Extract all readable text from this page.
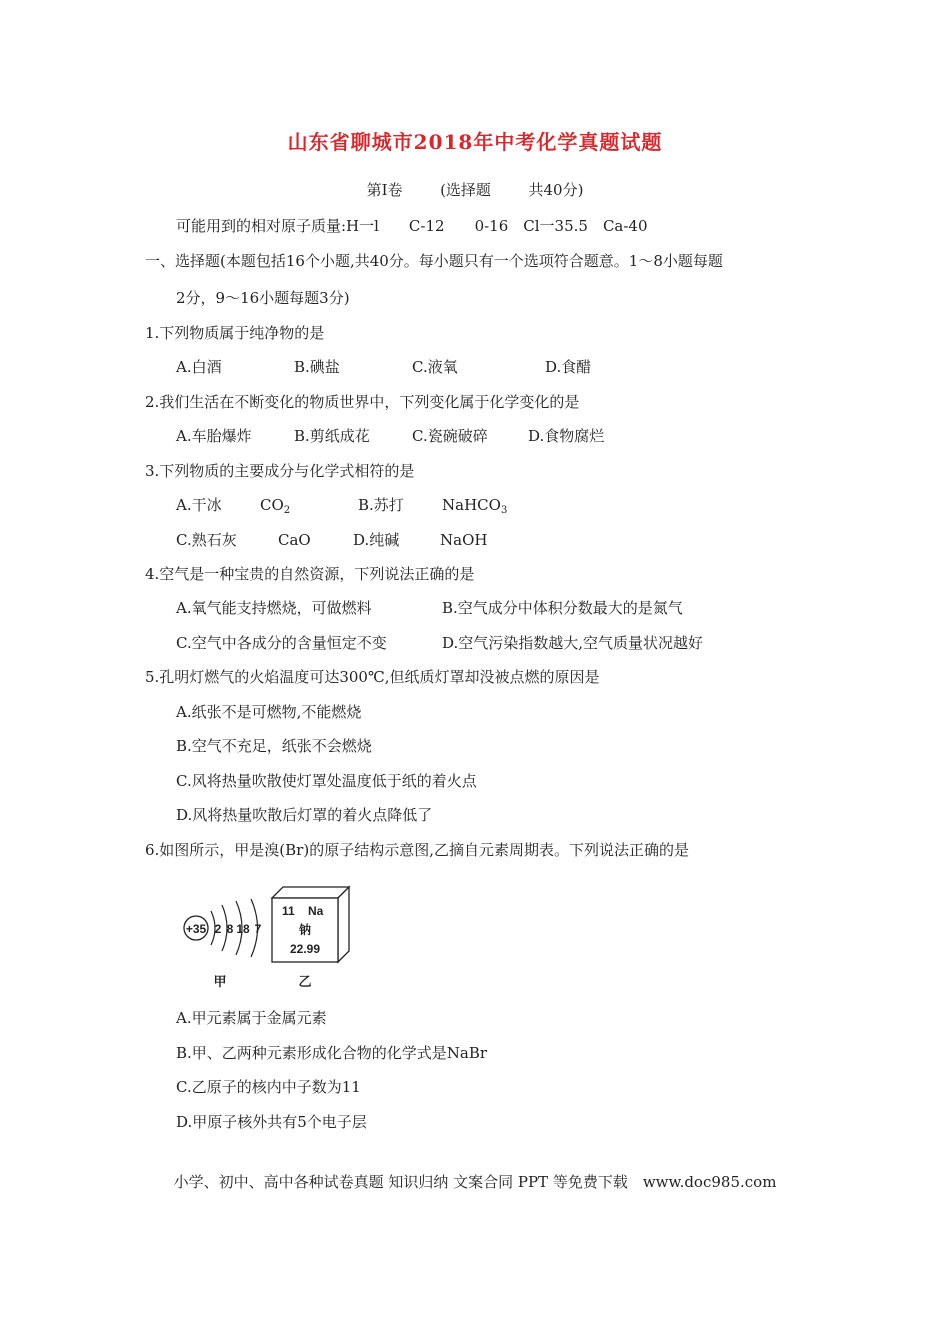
山东省聊城市2018年中考化学真题试题
第Ⅰ卷	(选择题	共40分)
可能用到的相对原子质量:H一l　　C-12　　0-16　Cl一35.5　Ca-40
一、选择题(本题包括16个小题,共40分。每小题只有一个选项符合题意。1～8小题每题
2分，9～16小题每题3分)
1.下列物质属于纯净物的是
A.白酒	B.碘盐	C.液氧	D.食醋
2.我们生活在不断变化的物质世界中，下列变化属于化学变化的是
A.车胎爆炸	B.剪纸成花	C.瓷碗破碎	D.食物腐烂
3.下列物质的主要成分与化学式相符的是
A.干冰	$CO_2$	B.苏打	NaHCO$_3$
C.熟石灰	CaO	D.纯碱	NaOH
4.空气是一种宝贵的自然资源，下列说法正确的是
A.氧气能支持燃烧，可做燃料	B.空气成分中体积分数最大的是氮气
C.空气中各成分的含量恒定不变	D.空气污染指数越大,空气质量状况越好
5.孔明灯燃气的火焰温度可达300℃,但纸质灯罩却没被点燃的原因是
A.纸张不是可燃物,不能燃烧
B.空气不充足，纸张不会燃烧
C.风将热量吹散使灯罩处温度低于纸的着火点
D.风将热量吹散后灯罩的着火点降低了
6.如图所示，甲是溴(Br)的原子结构示意图,乙摘自元素周期表。下列说法正确的是
+35 2 8 18 7
甲
11 Na
钠
22.99
乙
A.甲元素属于金属元素
B.甲、乙两种元素形成化合物的化学式是NaBr
C.乙原子的核内中子数为11
D.甲原子核外共有5个电子层
小学、初中、高中各种试卷真题 知识归纳 文案合同 PPT 等免费下载　www.doc985.com
